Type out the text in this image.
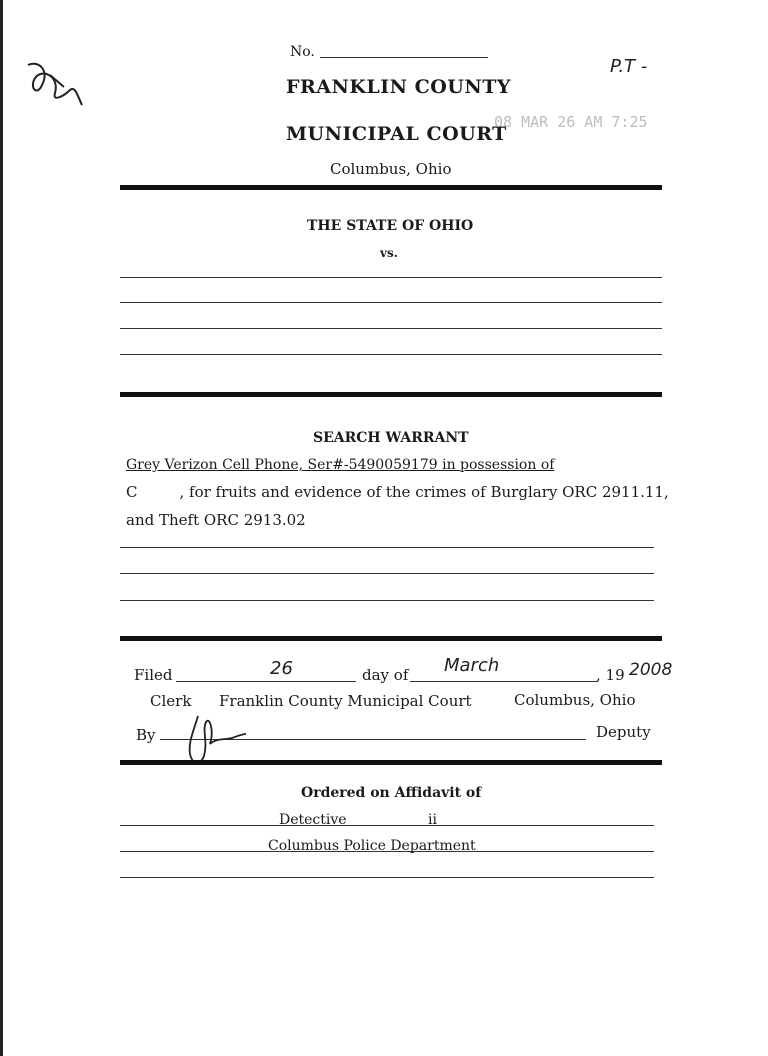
No.
P.T -
FRANKLIN COUNTY
MUNICIPAL COURT
08 MAR 26 AM 7:25
Columbus, Ohio
THE STATE OF OHIO
vs.
SEARCH WARRANT
Grey Verizon Cell Phone, Ser#-5490059179 in possession of
C	, for fruits and evidence of the crimes of Burglary ORC 2911.11,
and Theft ORC 2913.02
Filed	26	day of March	, 19 2008
Clerk Franklin County Municipal Court	Columbus, Ohio
By	Deputy
Ordered on Affidavit of
Detective	ii
Columbus Police Department
